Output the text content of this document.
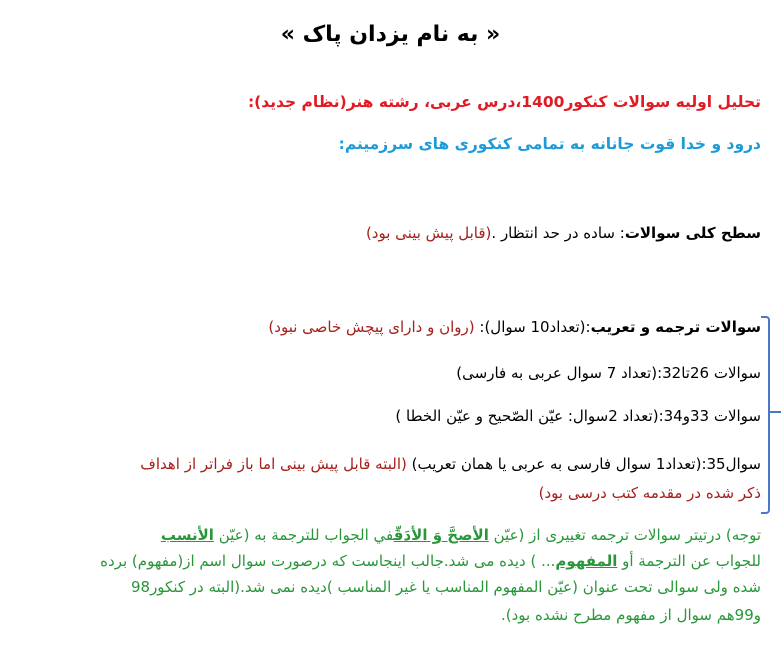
« به نام یزدان پاک »
تحلیل اولیه سوالات کنکور1400،درس عربی، رشته هنر(نظام جدید):
درود و خدا قوت جانانه به تمامی کنکوری های سرزمینم:
سطح کلی سوالات: ساده در حد انتظار .(قابل پیش بینی بود)
سوالات ترجمه و تعریب:(تعداد10 سوال): (روان و دارای پیچش خاصی نبود)
سوالات 26تا32:(تعداد 7 سوال عربی به فارسی)
سوالات 33و34:(تعداد 2سوال: عیّن الصّحیح و عیّن الخطا )
سوال35:(تعداد1 سوال فارسی به عربی یا همان تعریب) (البته قابل پیش بینی اما باز فراتر از اهداف
ذکر شده در مقدمه کتب درسی بود)
توجه) درتیتر سوالات ترجمه تغییری از (عیّن الأصحَّ وَ الأدَقَّفي الجواب للترجمة به (عیّن الأنسب
للجواب عن الترجمة أو المفهوم... ) دیده می شد.جالب اینجاست که درصورت سوال اسم از(مفهوم) برده
شده ولی سوالی تحت عنوان (عیّن المفهوم المناسب یا غیر المناسب )دیده نمی شد.(البته در کنکور98
و99هم سوال از مفهوم مطرح نشده بود).
